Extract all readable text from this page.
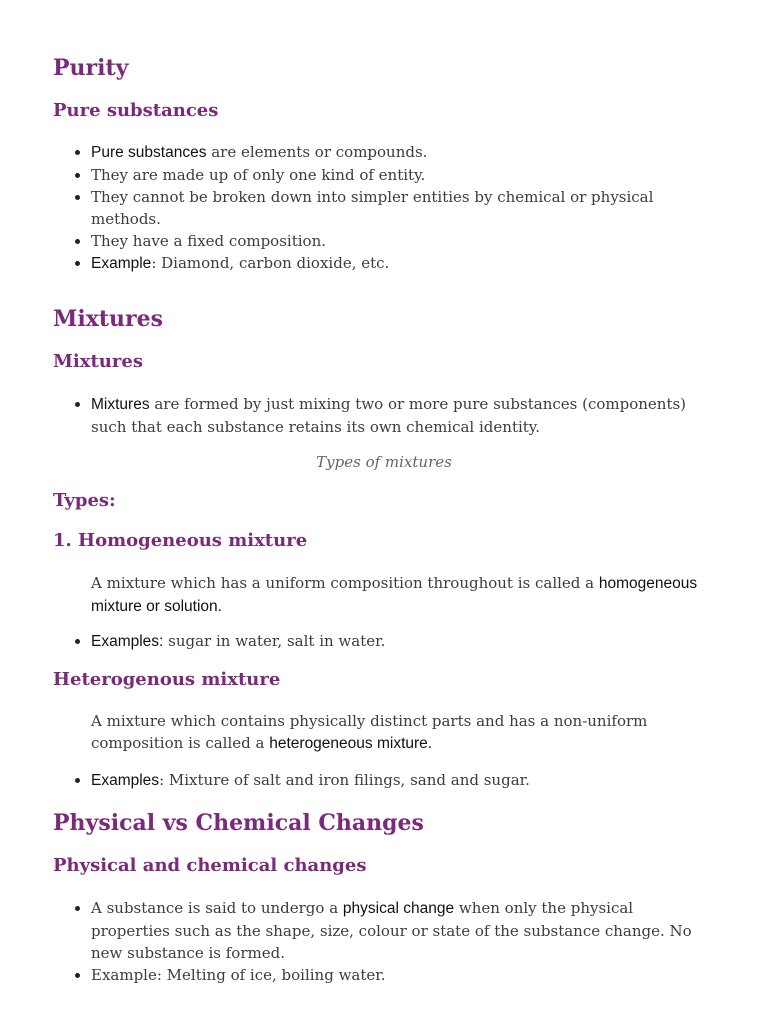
Purity
Pure substances
Pure substances are elements or compounds.
They are made up of only one kind of entity.
They cannot be broken down into simpler entities by chemical or physical methods.
They have a fixed composition.
Example: Diamond, carbon dioxide, etc.
Mixtures
Mixtures
Mixtures are formed by just mixing two or more pure substances (components) such that each substance retains its own chemical identity.

Types of mixtures

Types:
1. Homogeneous mixture

A mixture which has a uniform composition throughout is called a homogeneous mixture or solution.

Examples: sugar in water, salt in water.
Heterogenous mixture

A mixture which contains physically distinct parts and has a non-uniform composition is called a heterogeneous mixture.

Examples: Mixture of salt and iron filings, sand and sugar.
Physical vs Chemical Changes
Physical and chemical changes
A substance is said to undergo a physical change when only the physical properties such as the shape, size, colour or state of the substance change. No new substance is formed.
Example: Melting of ice, boiling water.
